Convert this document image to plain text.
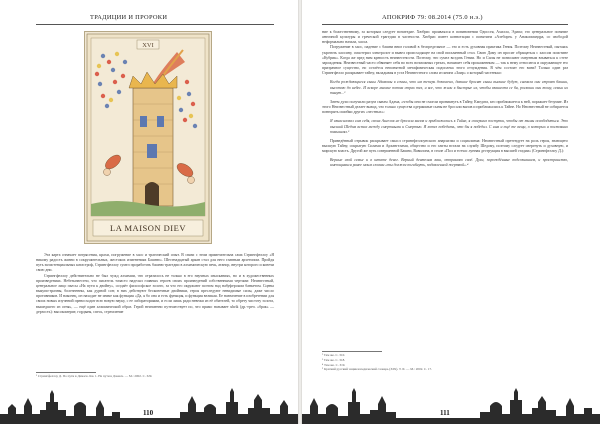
ТРАДИЦИИ И ПРОРОКИ
XVI
LA MAISON DIEV

Эта карта означает потрясения, крахи, погружение в хаос и трагический опыт. В связи с этим примечательна сама Стрингфеллоу «Я никому радость жизни в сокрушительных, жестоких изменениях Башню». Шестнадцатый аркан стал для него главным архетипом. Пройдя путь экзистенциальных катастроф, Стрингфеллоу сумел проработать башню трагедии в алхимическую печь, атанор, внутри которого и конечи свою дни.

Стрингфеллоу действительно не был чужд алхимии, что отразилось не только в его научных изысканиях, но и в художественных произведениях. Небезызвестно, что писатель тачасто наделял главных героев своих произведений собственными чертами: Неизвестный, центральное лицо пьесы «На пути к двойну», создаёт философское золото, за что его окружают поэтом над набуферским банкетом. Сцены выкупи-зрачны, болезненны, как дурной сон; в них действуют бесконечные двойники, героя преследуют невидимые силы, даже число противников. И наконец, он находит не иначе как функция «Да, я бо она и есть функция, и функция великая. Ее назначение в изобретении для своих новых изучений превосходит всю новую науку, с ее лабораториями, и если лишь ради невежи из её обителей, то обрету чистоту золота, вышедшего из огня», — ещё один алхимический образ. Герой неизменно путешествует по, что прямо называет ubrik (др.-греч. «брак» — дерзость): высокомерие, гордыня, спесь, стремление

¹ Стрингфеллоу Д. По пути в Дамаск. Кн. 1. На пути в Дамаск. — М.: 2002. С. 329.
110
АПОКРИФ 79: 08.2014 (75.0 н.э.)

ние к божественному, за которым следует возмездие. Хюбрис проявлялся в повиновении Одиссея, Ахилла, Эдипа; это центральное понятие античной культуры и греческой трагедии в частности. Хюбрис имеет коннотации с понятием «Аэеборн» у Анаксимандра, со свободой неформально начала, хаоса.

Погружение в хаос, падение с башни вниз головой в беспредельное — это и есть духовная практика Гения. Поэтому Неизвестный, пытаясь укротить хаосину, смастерил электролот и вывел происходящее на свой письменный стол. Свою Даму он просит обращаться с хаосом поистине «Кубрик». Когда же пред ним крепость неизвестности. Поэтому, что сумел воздать Гении. Но и Силы не позволяют смертным взываться к стезе зарождения. Неизвестный часто обвиняет себя во всех возможных грехах, называет себя прокаженным — так к нему относится и окружающее его призрачное существо, но остаётся непонятной метафизическая подоплека этого отчуждения. В чём состоит его вина? Только один раз Стрингфелло раскрывает тайну, вкладывая в уста Неизвестного слова из книги «Заир» о который частенько:

Когда рождающиеся сыны Адамовы в сочны, что им теперь дозволено, давшие бросят сыны высшие будут, сначала они строят башни, высотою до небес. И вскоре многие потом страх тех, и все, что жили в быстрые их, чтобы взашеств се бя, роскоши они тому, семьи их тянут...²

Затем духи получили разум сынам Адама, «чтобы они не смогли проникнуть в Тайну, Кмедата, кто приближается к ней, поражает безумие. Из этого Неизвестный делает вывод, что только существа одержимые сыны не бросали вызов и приближались к Тайне. Но Неизвестный не собирается повторять ошибки других «честных»:

Я изнасиловал сам себя, своих Ангелов не бросали вызов и приближались к Тайне, я совершил поступки, чтобы от тьмы освободиться. Это высший Шедом встал между смертными и Смертью. Я хотел победить, что бы я победил. С ним и ещё те вещи, о которых я постоянно помышлял.³

Приведённый отрывок раскрывает смысл стрингфеллоунского анархизма и социализма: Неизвестный претендует на роль героя, знающего высшую Тайну, сокрытую Силами и Архангелами, общество и его элиты встали на службу Шедому, поэтому следует свергнуть и духовную, и мирскую власть. Другой же путь совершенной Башни, Вавилона, в стиле «Пол и тотчас лунная деструкция в высшей стадии» (Стрингфеллоу Д.):

Верные свой семье и в штате денег. Верный деятелям ваш, отправляю своё. Духи, порождённые подсознанием, и пространство, имеющимися ранее моим словам «ты должен погибнуть, подавленной жертвой».⁴

² Там же. С. 310.
³ Там же. С. 318.
⁴ Там же. С. 319.
⁵ Краткий русский энциклопедический словарь (XIX). Т. II. — М.: 2002. С. 17.
111
